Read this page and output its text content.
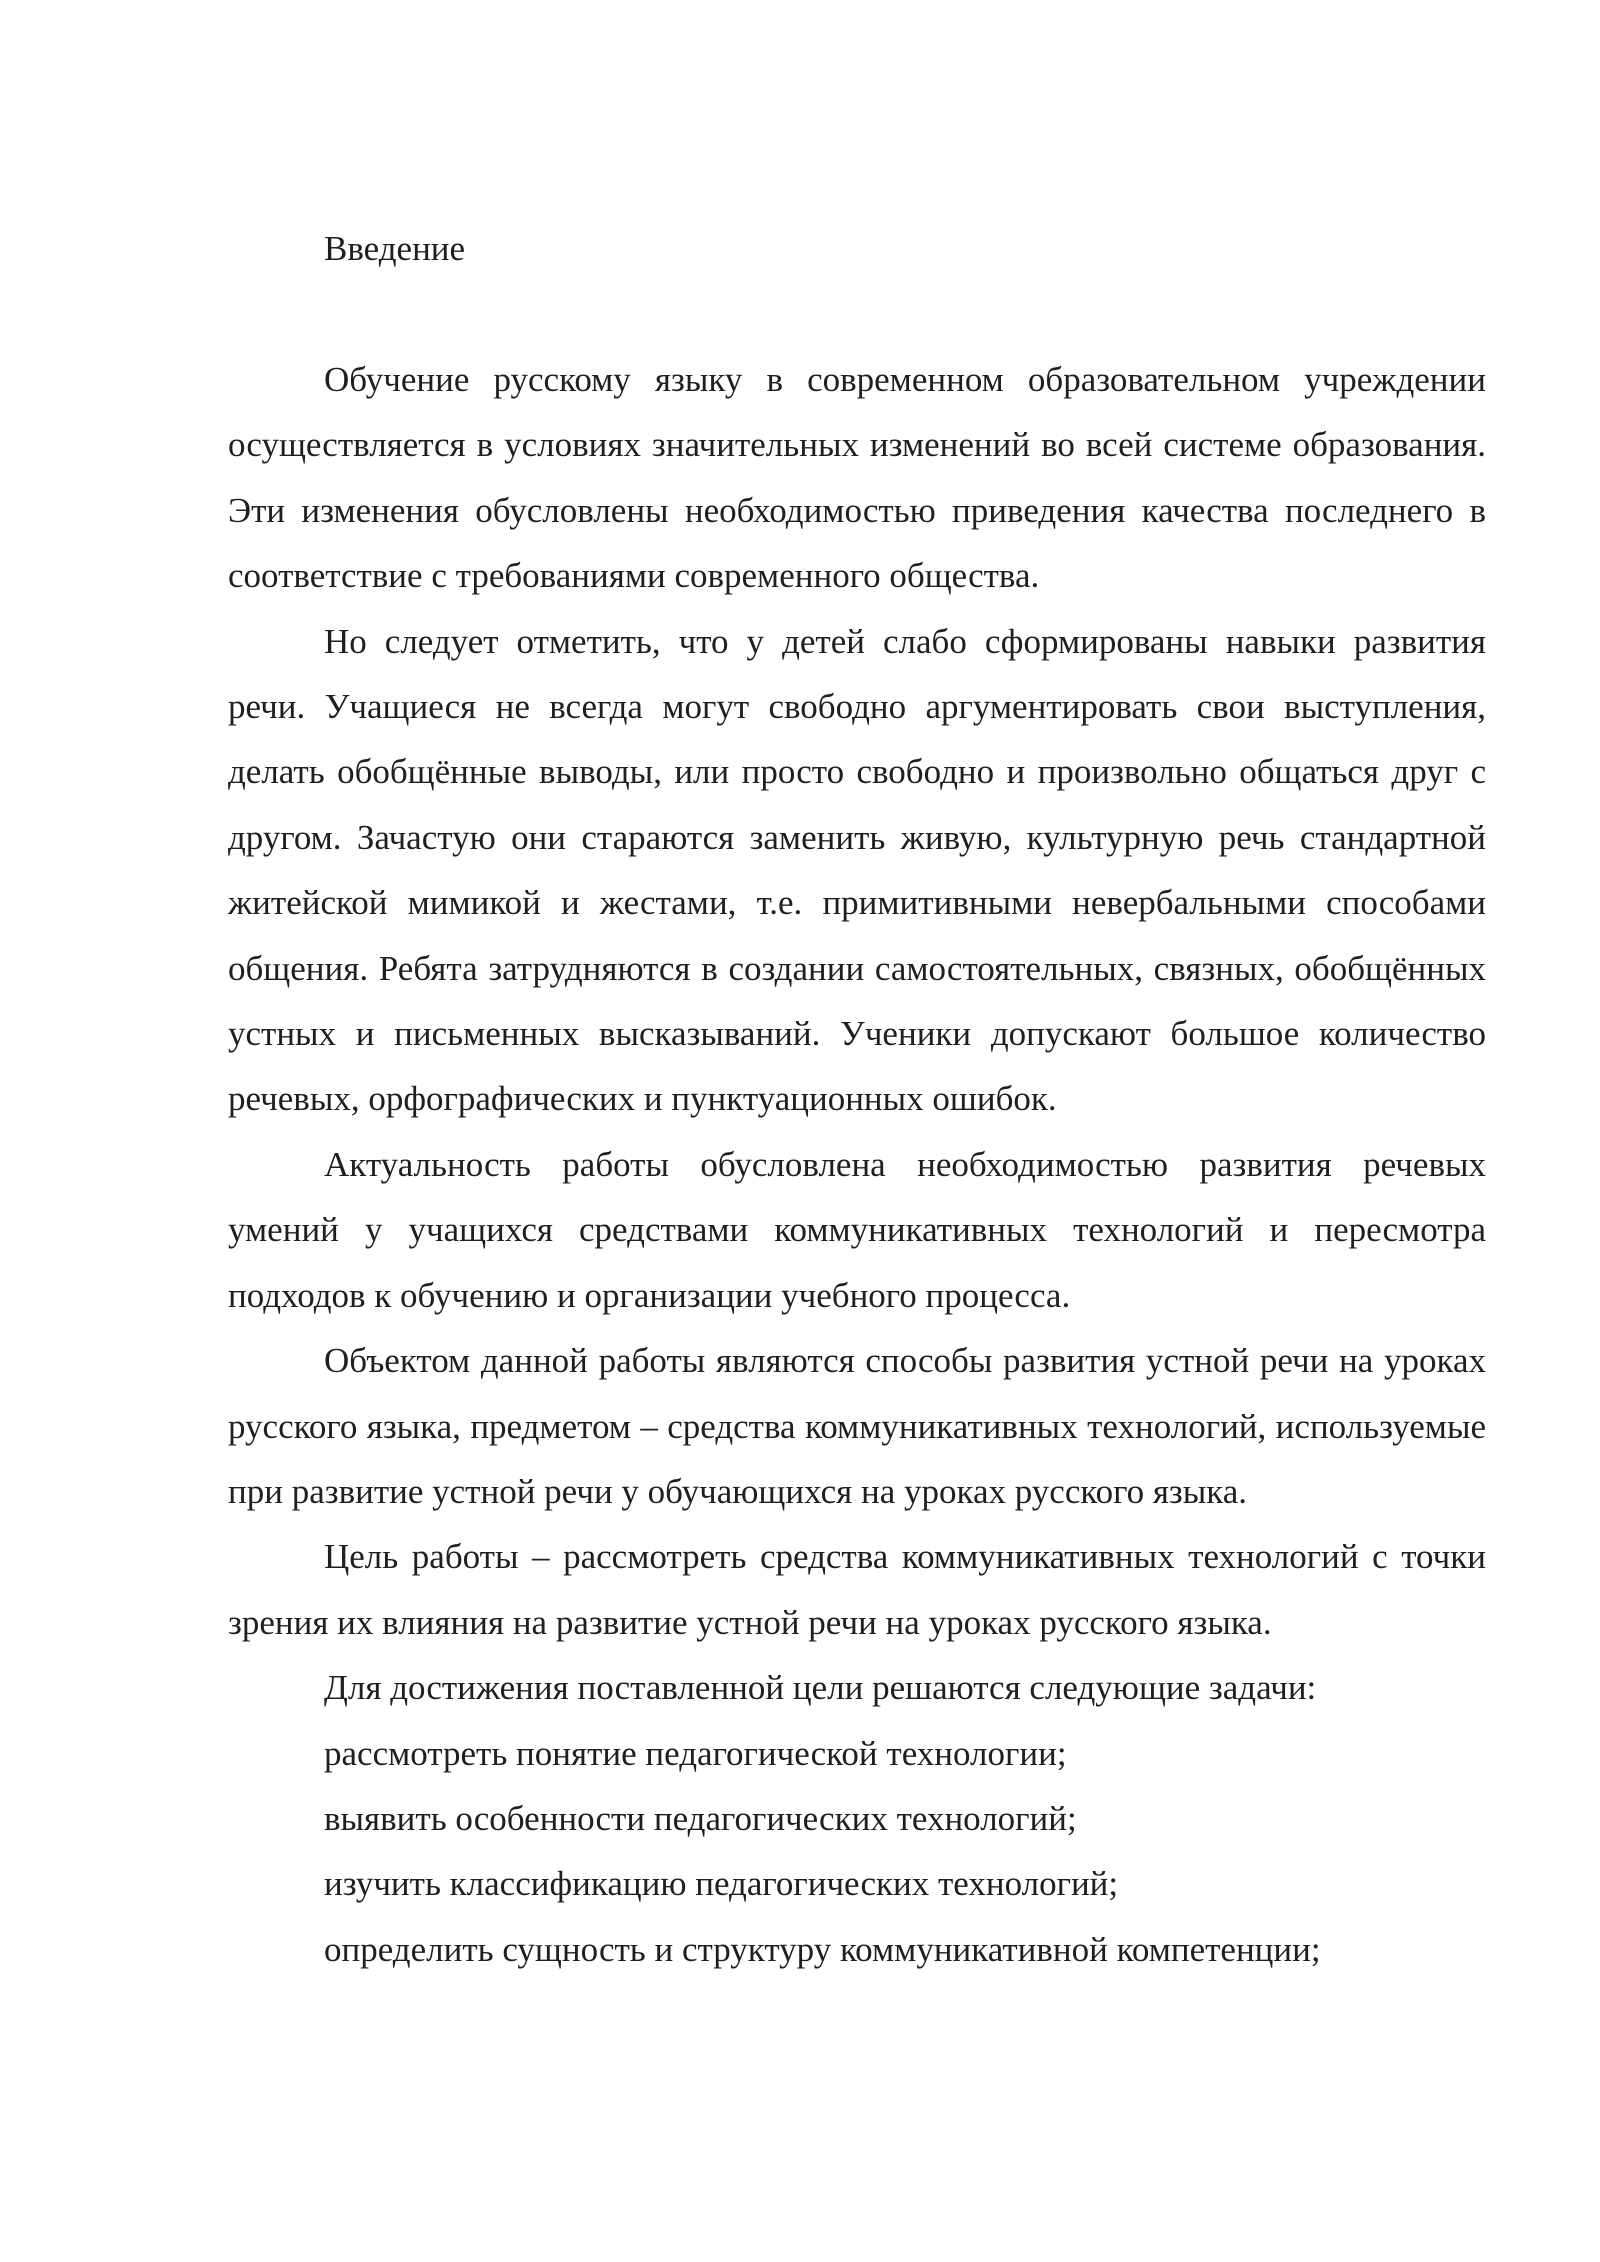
Введение

Обучение русскому языку в современном образовательном учреждении осуществляется в условиях значительных изменений во всей системе образования. Эти изменения обусловлены необходимостью приведения качества последнего в соответствие с требованиями современного общества.

Но следует отметить, что у детей слабо сформированы навыки развития речи. Учащиеся не всегда могут свободно аргументировать свои выступления, делать обобщённые выводы, или просто свободно и произвольно общаться друг с другом. Зачастую они стараются заменить живую, культурную речь стандартной житейской мимикой и жестами, т.е. примитивными невербальными способами общения. Ребята затрудняются в создании самостоятельных, связных, обобщённых устных и письменных высказываний. Ученики допускают большое количество речевых, орфографических и пунктуационных ошибок.

Актуальность работы обусловлена необходимостью развития речевых умений у учащихся средствами коммуникативных технологий и пересмотра подходов к обучению и организации учебного процесса.

Объектом данной работы являются способы развития устной речи на уроках русского языка, предметом – средства коммуникативных технологий, используемые при развитие устной речи у обучающихся на уроках русского языка.

Цель работы – рассмотреть средства коммуникативных технологий с точки зрения их влияния на развитие устной речи на уроках русского языка.

Для достижения поставленной цели решаются следующие задачи:

рассмотреть понятие педагогической технологии;

выявить особенности педагогических технологий;

изучить классификацию педагогических технологий;

определить сущность и структуру коммуникативной компетенции;
